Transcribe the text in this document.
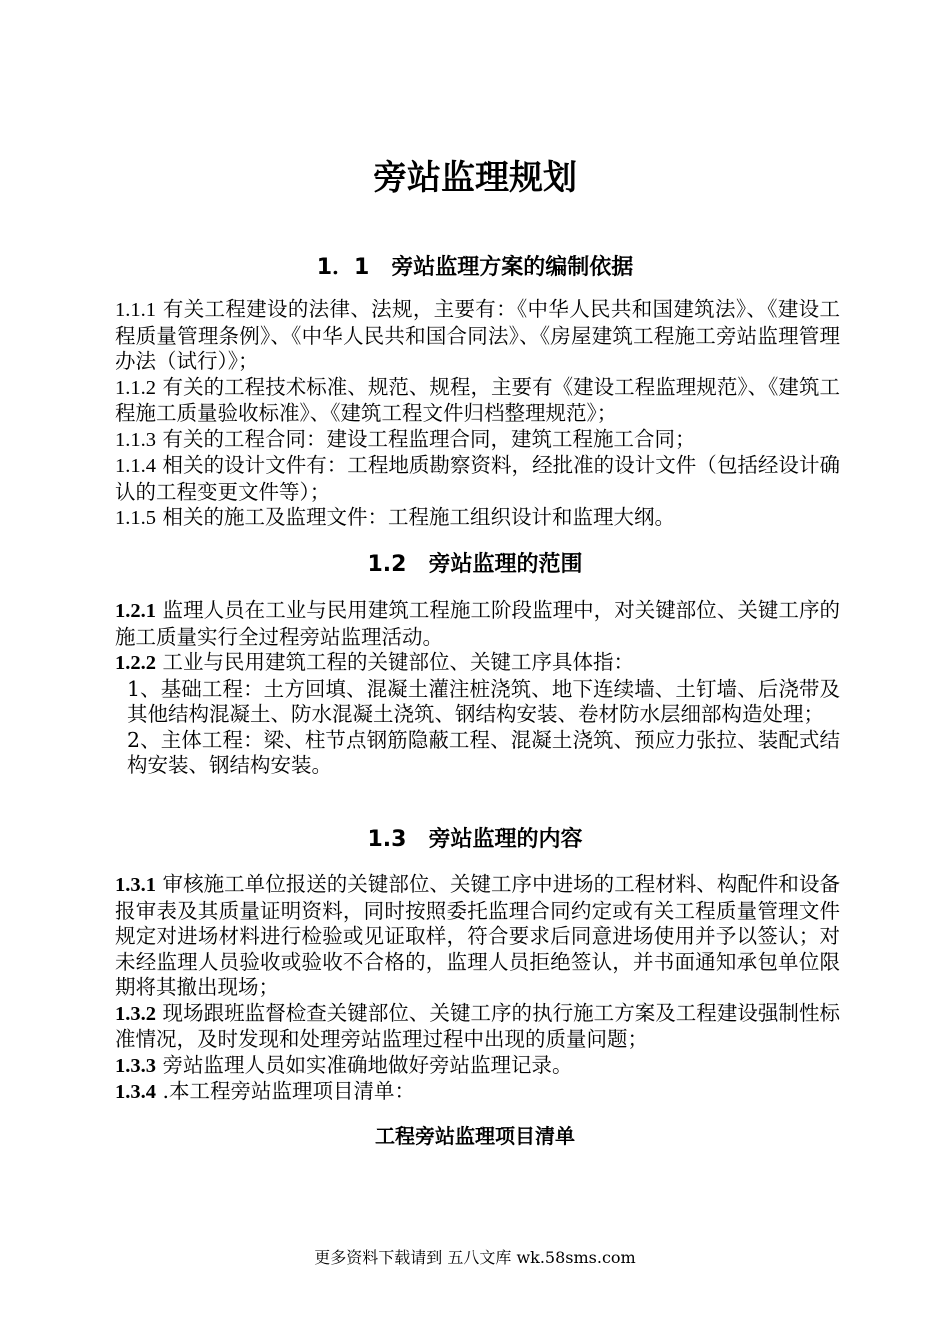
旁站监理规划
1．1　旁站监理方案的编制依据

1.1.1 有关工程建设的法律、法规，主要有：《中华人民共和国建筑法》、《建设工程质量管理条例》、《中华人民共和国合同法》、《房屋建筑工程施工旁站监理管理办法（试行）》；

1.1.2 有关的工程技术标准、规范、规程，主要有《建设工程监理规范》、《建筑工程施工质量验收标准》、《建筑工程文件归档整理规范》；

1.1.3 有关的工程合同：建设工程监理合同，建筑工程施工合同；

1.1.4 相关的设计文件有：工程地质勘察资料，经批准的设计文件（包括经设计确认的工程变更文件等）；

1.1.5 相关的施工及监理文件：工程施工组织设计和监理大纲。

1.2　旁站监理的范围

1.2.1 监理人员在工业与民用建筑工程施工阶段监理中，对关键部位、关键工序的施工质量实行全过程旁站监理活动。

1.2.2 工业与民用建筑工程的关键部位、关键工序具体指：

1、基础工程：土方回填、混凝土灌注桩浇筑、地下连续墙、土钉墙、后浇带及其他结构混凝土、防水混凝土浇筑、钢结构安装、卷材防水层细部构造处理；

2、主体工程：梁、柱节点钢筋隐蔽工程、混凝土浇筑、预应力张拉、装配式结构安装、钢结构安装。

1.3　旁站监理的内容

1.3.1 审核施工单位报送的关键部位、关键工序中进场的工程材料、构配件和设备报审表及其质量证明资料，同时按照委托监理合同约定或有关工程质量管理文件规定对进场材料进行检验或见证取样，符合要求后同意进场使用并予以签认；对未经监理人员验收或验收不合格的，监理人员拒绝签认，并书面通知承包单位限期将其撤出现场；

1.3.2 现场跟班监督检查关键部位、关键工序的执行施工方案及工程建设强制性标准情况，及时发现和处理旁站监理过程中出现的质量问题；

1.3.3 旁站监理人员如实准确地做好旁站监理记录。

1.3.4 .本工程旁站监理项目清单：

工程旁站监理项目清单
更多资料下载请到 五八文库 wk.58sms.com
